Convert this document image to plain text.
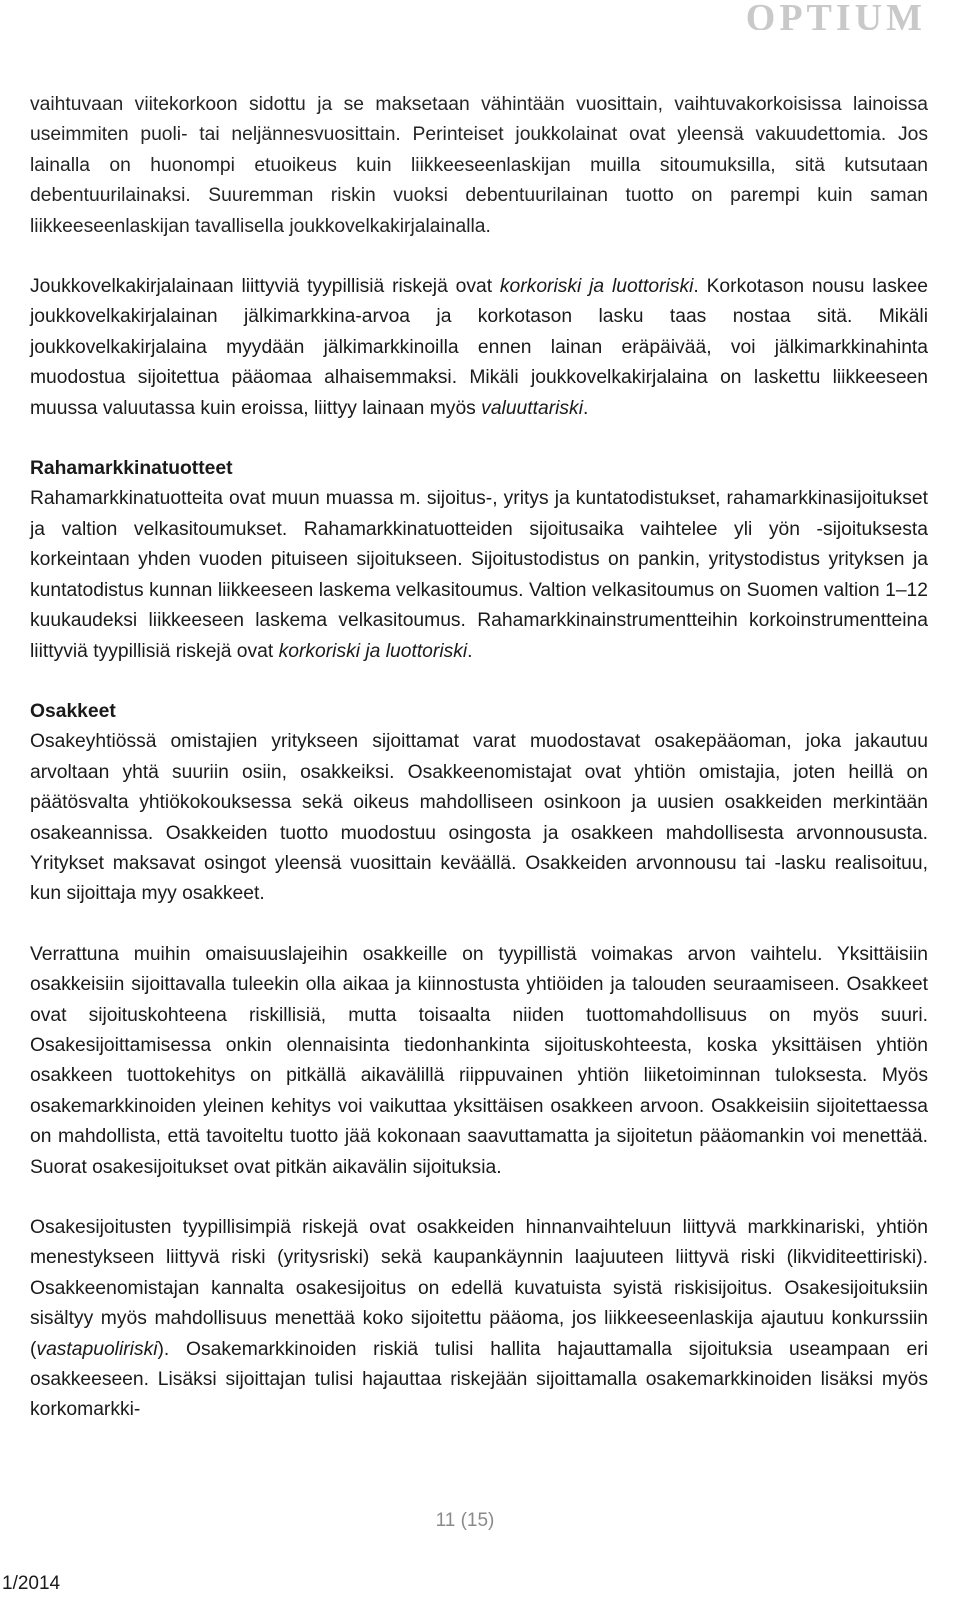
OPTIUM

vaihtuvaan viitekorkoon sidottu ja se maksetaan vähintään vuosittain, vaihtuvakorkoisissa lainoissa useimmiten puoli- tai neljännesvuosittain. Perinteiset joukkolainat ovat yleensä vakuudettomia. Jos lainalla on huonompi etuoikeus kuin liikkeeseenlaskijan muilla sitoumuksilla, sitä kutsutaan debentuurilainaksi. Suuremman riskin vuoksi debentuurilainan tuotto on parempi kuin saman liikkeeseenlaskijan tavallisella joukkovelkakirjalainalla.

Joukkovelkakirjalainaan liittyviä tyypillisiä riskejä ovat korkoriski ja luottoriski. Korkotason nousu laskee joukkovelkakirjalainan jälkimarkkina-arvoa ja korkotason lasku taas nostaa sitä. Mikäli joukkovelkakirjalaina myydään jälkimarkkinoilla ennen lainan eräpäivää, voi jälkimarkkinahinta muodostua sijoitettua pääomaa alhaisemmaksi. Mikäli joukkovelkakirjalaina on laskettu liikkeeseen muussa valuutassa kuin eroissa, liittyy lainaan myös valuuttariski.

Rahamarkkinatuotteet

Rahamarkkinatuotteita ovat muun muassa m. sijoitus-, yritys ja kuntatodistukset, rahamarkkinasijoitukset ja valtion velkasitoumukset. Rahamarkkinatuotteiden sijoitusaika vaihtelee yli yön -sijoituksesta korkeintaan yhden vuoden pituiseen sijoitukseen. Sijoitustodistus on pankin, yritystodistus yrityksen ja kuntatodistus kunnan liikkeeseen laskema velkasitoumus. Valtion velkasitoumus on Suomen valtion 1–12 kuukaudeksi liikkeeseen laskema velkasitoumus. Rahamarkkinainstrumentteihin korkoinstrumentteina liittyviä tyypillisiä riskejä ovat korkoriski ja luottoriski.

Osakkeet

Osakeyhtiössä omistajien yritykseen sijoittamat varat muodostavat osakepääoman, joka jakautuu arvoltaan yhtä suuriin osiin, osakkeiksi. Osakkeenomistajat ovat yhtiön omistajia, joten heillä on päätösvalta yhtiökokouksessa sekä oikeus mahdolliseen osinkoon ja uusien osakkeiden merkintään osakeannissa. Osakkeiden tuotto muodostuu osingosta ja osakkeen mahdollisesta arvonnoususta. Yritykset maksavat osingot yleensä vuosittain keväällä. Osakkeiden arvonnousu tai -lasku realisoituu, kun sijoittaja myy osakkeet.

Verrattuna muihin omaisuuslajeihin osakkeille on tyypillistä voimakas arvon vaihtelu. Yksittäisiin osakkeisiin sijoittavalla tuleekin olla aikaa ja kiinnostusta yhtiöiden ja talouden seuraamiseen. Osakkeet ovat sijoituskohteena riskillisiä, mutta toisaalta niiden tuottomahdollisuus on myös suuri. Osakesijoittamisessa onkin olennaisinta tiedonhankinta sijoituskohteesta, koska yksittäisen yhtiön osakkeen tuottokehitys on pitkällä aikavälillä riippuvainen yhtiön liiketoiminnan tuloksesta. Myös osakemarkkinoiden yleinen kehitys voi vaikuttaa yksittäisen osakkeen arvoon. Osakkeisiin sijoitettaessa on mahdollista, että tavoiteltu tuotto jää kokonaan saavuttamatta ja sijoitetun pääomankin voi menettää. Suorat osakesijoitukset ovat pitkän aikavälin sijoituksia.

Osakesijoitusten tyypillisimpiä riskejä ovat osakkeiden hinnanvaihteluun liittyvä markkinariski, yhtiön menestykseen liittyvä riski (yritysriski) sekä kaupankäynnin laajuuteen liittyvä riski (likviditeettiriski). Osakkeenomistajan kannalta osakesijoitus on edellä kuvatuista syistä riskisijoitus. Osakesijoituksiin sisältyy myös mahdollisuus menettää koko sijoitettu pääoma, jos liikkeeseenlaskija ajautuu konkurssiin (vastapuoliriski). Osakemarkkinoiden riskiä tulisi hallita hajauttamalla sijoituksia useampaan eri osakkeeseen. Lisäksi sijoittajan tulisi hajauttaa riskejään sijoittamalla osakemarkkinoiden lisäksi myös korkomarkki-

11 (15)
1/2014
